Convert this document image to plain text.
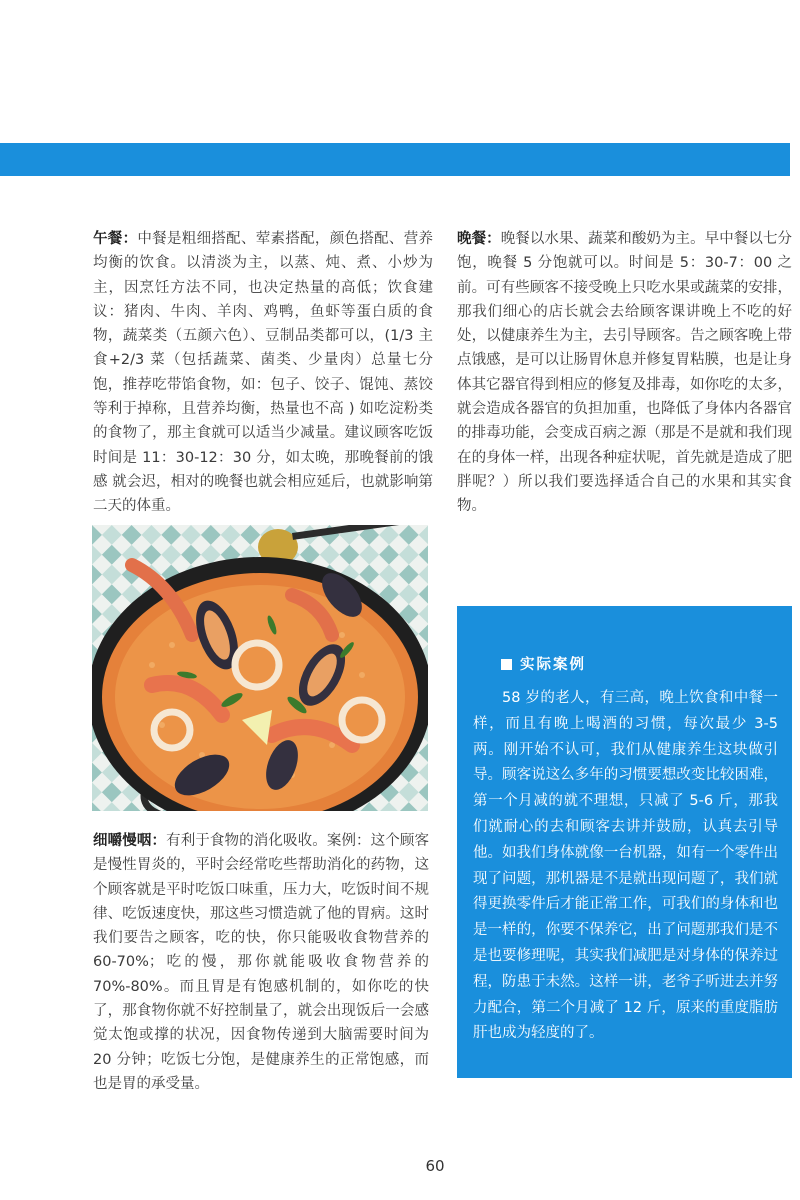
午餐：中餐是粗细搭配、荤素搭配，颜色搭配、营养均衡的饮食。以清淡为主，以蒸、炖、煮、小炒为主，因烹饪方法不同，也决定热量的高低；饮食建议：猪肉、牛肉、羊肉、鸡鸭，鱼虾等蛋白质的食物，蔬菜类（五颜六色）、豆制品类都可以，(1/3 主食+2/3 菜（包括蔬菜、菌类、少量肉）总量七分饱，推荐吃带馅食物，如：包子、饺子、馄饨、蒸饺等利于掉称，且营养均衡，热量也不高 ) 如吃淀粉类的食物了，那主食就可以适当少减量。建议顾客吃饭时间是 11：30-12：30 分，如太晚，那晚餐前的饿感 就会迟，相对的晚餐也就会相应延后，也就影响第二天的体重。

晚餐：晚餐以水果、蔬菜和酸奶为主。早中餐以七分饱，晚餐 5 分饱就可以。时间是 5：30-7：00 之前。可有些顾客不接受晚上只吃水果或蔬菜的安排，那我们细心的店长就会去给顾客课讲晚上不吃的好处，以健康养生为主，去引导顾客。告之顾客晚上带点饿感，是可以让肠胃休息并修复胃粘膜，也是让身体其它器官得到相应的修复及排毒，如你吃的太多，就会造成各器官的负担加重，也降低了身体内各器官的排毒功能，会变成百病之源（那是不是就和我们现在的身体一样，出现各种症状呢，首先就是造成了肥胖呢？）所以我们要选择适合自己的水果和其实食物。

细嚼慢咽：有利于食物的消化吸收。案例：这个顾客是慢性胃炎的，平时会经常吃些帮助消化的药物，这个顾客就是平时吃饭口味重，压力大，吃饭时间不规律、吃饭速度快，那这些习惯造就了他的胃病。这时我们要告之顾客，吃的快，你只能吸收食物营养的 60-70%；吃的慢，那你就能吸收食物营养的 70%-80%。而且胃是有饱感机制的，如你吃的快了，那食物你就不好控制量了，就会出现饭后一会感觉太饱或撑的状况，因食物传递到大脑需要时间为 20 分钟；吃饭七分饱，是健康养生的正常饱感，而也是胃的承受量。

实际案例

58 岁的老人，有三高，晚上饮食和中餐一样，而且有晚上喝酒的习惯，每次最少 3-5 两。刚开始不认可，我们从健康养生这块做引导。顾客说这么多年的习惯要想改变比较困难，第一个月减的就不理想，只减了 5-6 斤，那我们就耐心的去和顾客去讲并鼓励，认真去引导他。如我们身体就像一台机器，如有一个零件出现了问题，那机器是不是就出现问题了，我们就得更换零件后才能正常工作，可我们的身体和也是一样的，你要不保养它，出了问题那我们是不是也要修理呢，其实我们减肥是对身体的保养过程，防患于未然。这样一讲，老爷子听进去并努力配合，第二个月减了 12 斤，原来的重度脂肪肝也成为轻度的了。

60
